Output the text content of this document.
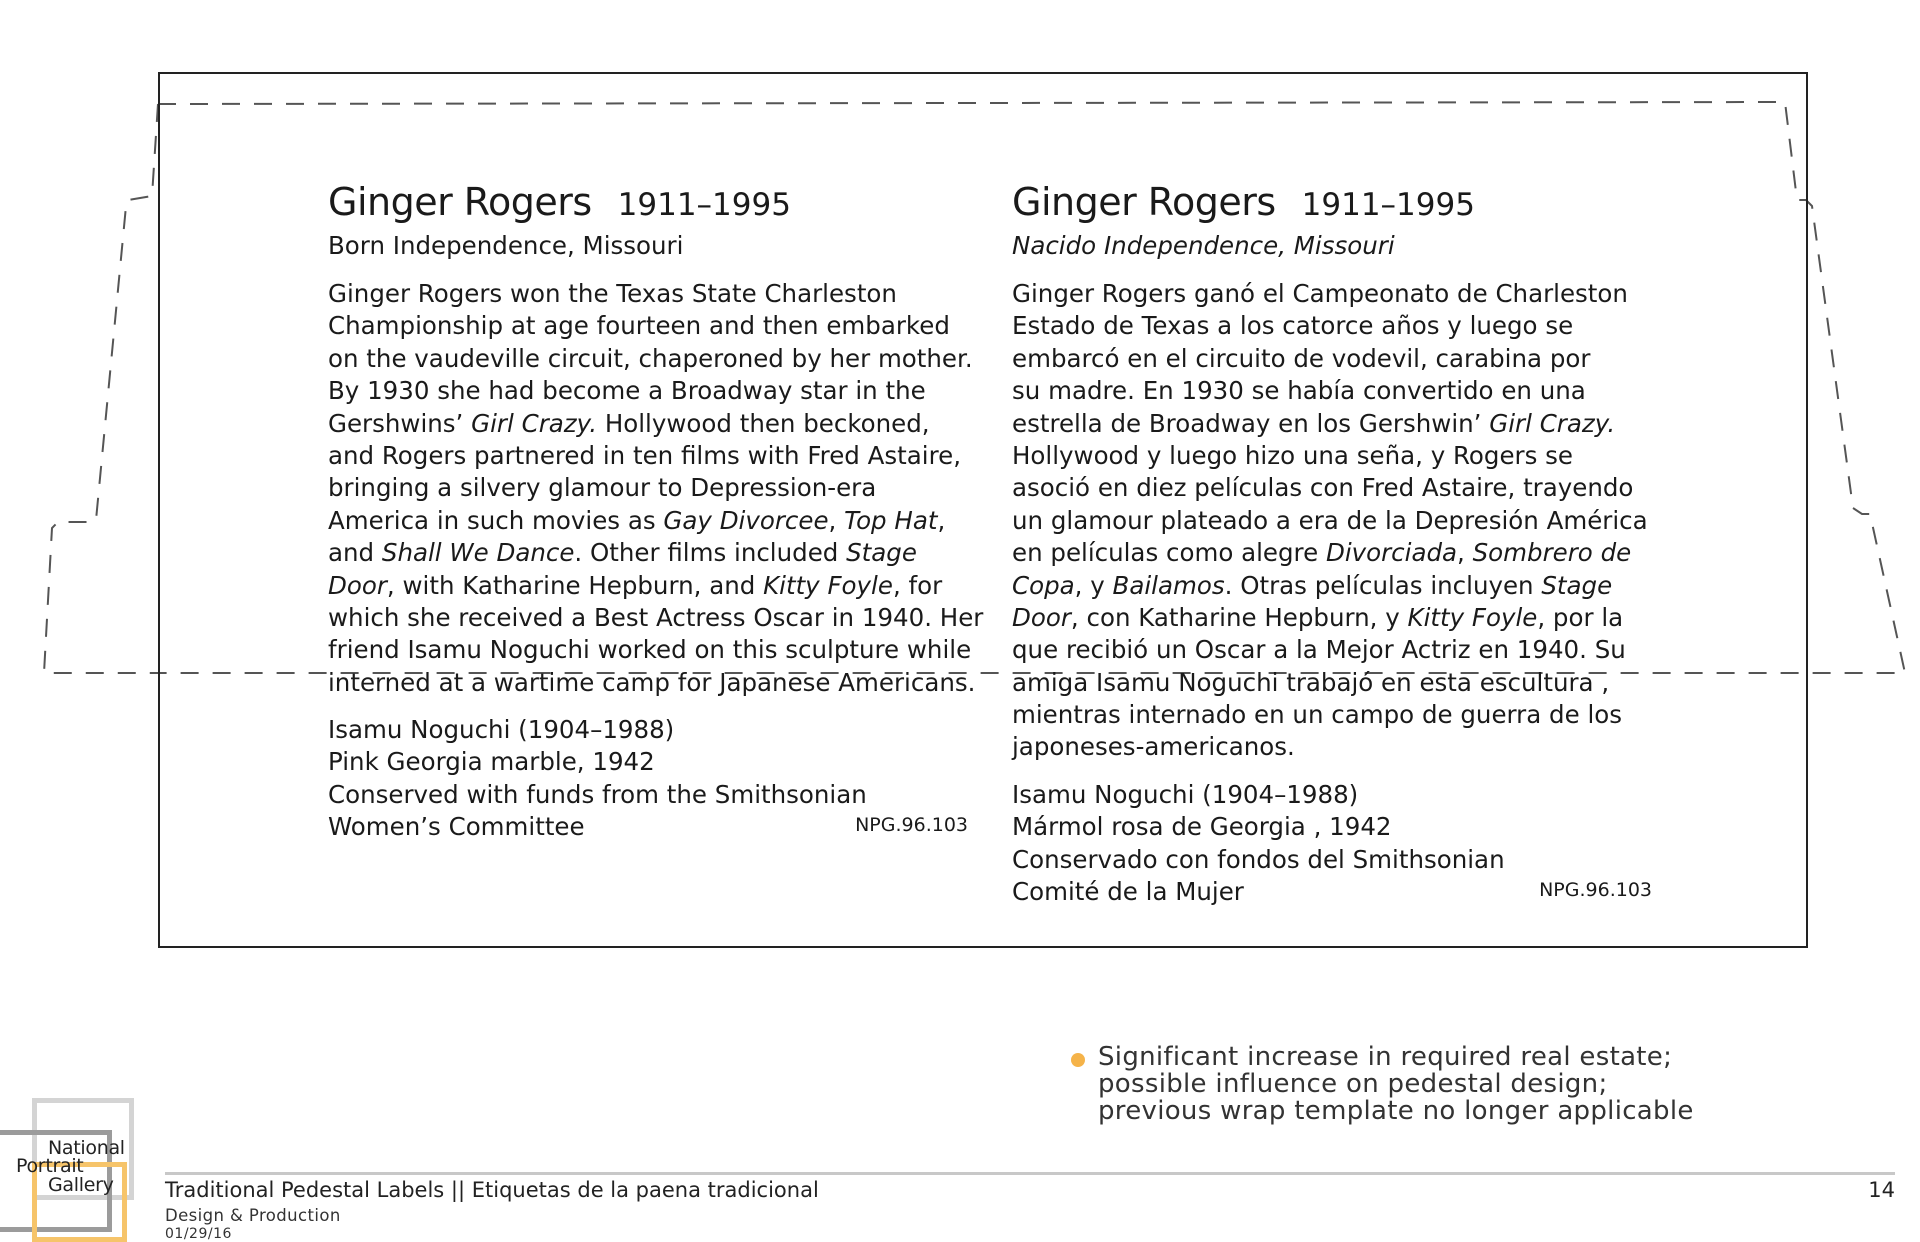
Ginger Rogers 1911–1995
Born Independence, Missouri
Ginger Rogers won the Texas State Charleston
Championship at age fourteen and then embarked
on the vaudeville circuit, chaperoned by her mother.
By 1930 she had become a Broadway star in the
Gershwins’ Girl Crazy. Hollywood then beckoned,
and Rogers partnered in ten films with Fred Astaire,
bringing a silvery glamour to Depression-era
America in such movies as Gay Divorcee, Top Hat,
and Shall We Dance. Other films included Stage
Door, with Katharine Hepburn, and Kitty Foyle, for
which she received a Best Actress Oscar in 1940. Her
friend Isamu Noguchi worked on this sculpture while
interned at a wartime camp for Japanese Americans.
Isamu Noguchi (1904–1988)
Pink Georgia marble, 1942
Conserved with funds from the Smithsonian
Women’s Committee	NPG.96.103
Ginger Rogers 1911–1995
Nacido Independence, Missouri
Ginger Rogers ganó el Campeonato de Charleston
Estado de Texas a los catorce años y luego se
embarcó en el circuito de vodevil, carabina por
su madre. En 1930 se había convertido en una
estrella de Broadway en los Gershwin’ Girl Crazy.
Hollywood y luego hizo una seña, y Rogers se
asoció en diez películas con Fred Astaire, trayendo
un glamour plateado a era de la Depresión América
en películas como alegre Divorciada, Sombrero de
Copa, y Bailamos. Otras películas incluyen Stage
Door, con Katharine Hepburn, y Kitty Foyle, por la
que recibió un Oscar a la Mejor Actriz en 1940. Su
amiga Isamu Noguchi trabajó en esta escultura ,
mientras internado en un campo de guerra de los
japoneses-americanos.
Isamu Noguchi (1904–1988)
Mármol rosa de Georgia , 1942
Conservado con fondos del Smithsonian
Comité de la Mujer	NPG.96.103
Significant increase in required real estate;
possible influence on pedestal design;
previous wrap template no longer applicable
National
Portrait
Gallery Traditional Pedestal Labels || Etiquetas de la paena tradicional
Design & Production
01/29/16
14
